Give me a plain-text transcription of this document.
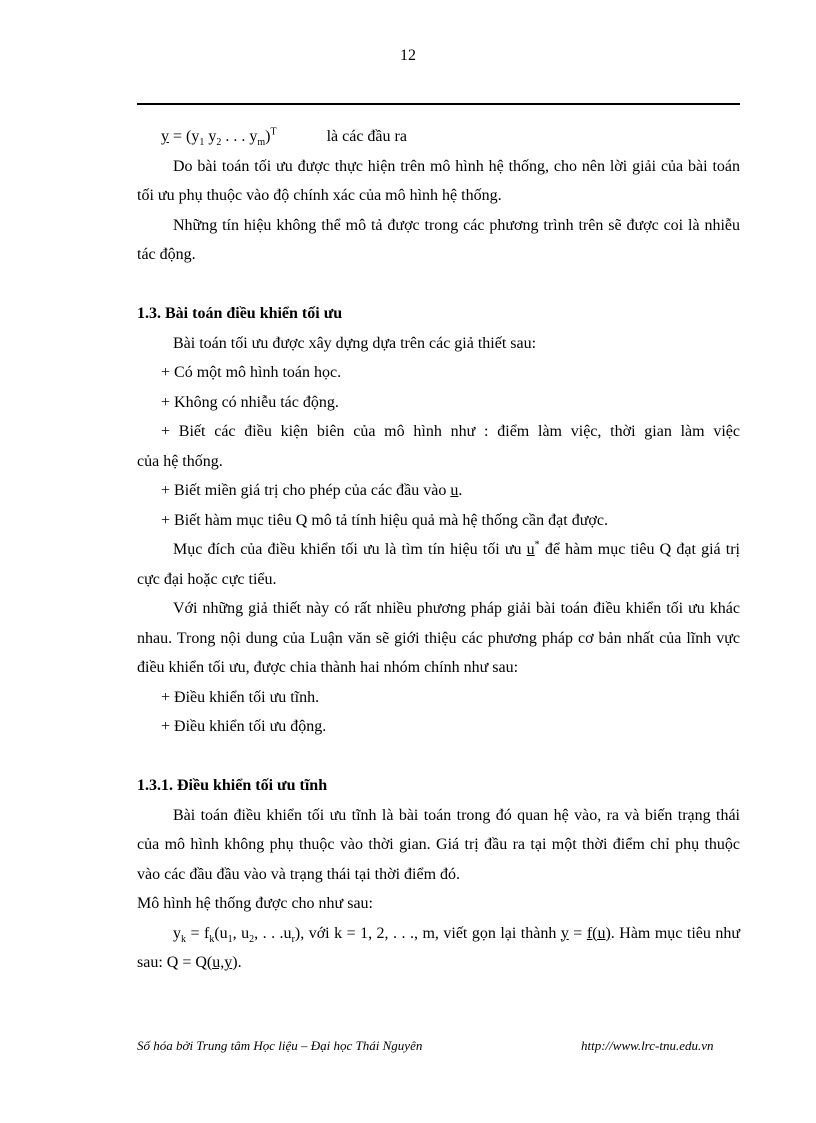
12

$y = (y_1$ $y_2$ . . . $y_m)^T$	là các đầu ra

Do bài toán tối ưu được thực hiện trên mô hình hệ thống, cho nên lời giải của bài toán tối ưu phụ thuộc vào độ chính xác của mô hình hệ thống.

Những tín hiệu không thể mô tả được trong các phương trình trên sẽ được coi là nhiễu tác động.

1.3. Bài toán điều khiển tối ưu

Bài toán tối ưu được xây dựng dựa trên các giả thiết sau:

+ Có một mô hình toán học.

+ Không có nhiễu tác động.

+ Biết các điều kiện biên của mô hình như : điểm làm việc, thời gian làm việc

của hệ thống.

+ Biết miền giá trị cho phép của các đầu vào u.

+ Biết hàm mục tiêu Q mô tả tính hiệu quả mà hệ thống cần đạt được.

Mục đích của điều khiển tối ưu là tìm tín hiệu tối ưu u* để hàm mục tiêu Q đạt giá trị cực đại hoặc cực tiểu.

Với những giả thiết này có rất nhiều phương pháp giải bài toán điều khiển tối ưu khác nhau. Trong nội dung của Luận văn sẽ giới thiệu các phương pháp cơ bản nhất của lĩnh vực điều khiển tối ưu, được chia thành hai nhóm chính như sau:

+ Điều khiển tối ưu tĩnh.

+ Điều khiển tối ưu động.

1.3.1. Điều khiển tối ưu tĩnh

Bài toán điều khiển tối ưu tĩnh là bài toán trong đó quan hệ vào, ra và biến trạng thái của mô hình không phụ thuộc vào thời gian. Giá trị đầu ra tại một thời điểm chỉ phụ thuộc vào các đầu đầu vào và trạng thái tại thời điểm đó.

Mô hình hệ thống được cho như sau:

$y_k = f_k(u_1$, $u_2$, . . $.u_r$), với k = 1, 2, . . ., m, viết gọn lại thành y = f(u). Hàm mục tiêu như sau: Q = Q(u,y).

Số hóa bởi Trung tâm Học liệu – Đại học Thái Nguyên	http://www.lrc-tnu.edu.vn
